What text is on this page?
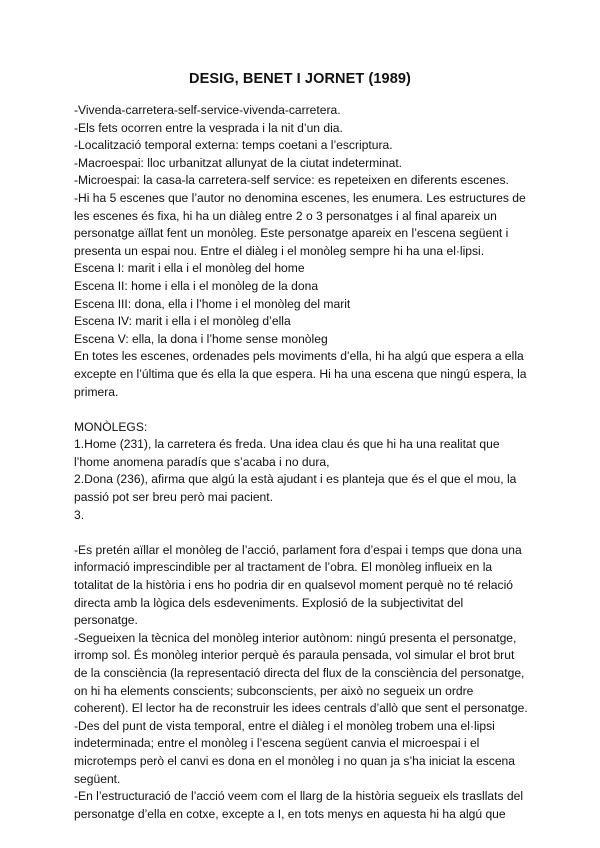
DESIG, BENET I JORNET (1989)

-Vivenda-carretera-self-service-vivenda-carretera.

-Els fets ocorren entre la vesprada i la nit d’un dia.

-Localització temporal externa: temps coetani a l’escriptura.

-Macroespai: lloc urbanitzat allunyat de la ciutat indeterminat.

-Microespai: la casa-la carretera-self service: es repeteixen en diferents escenes.

-Hi ha 5 escenes que l’autor no denomina escenes, les enumera. Les estructures de

les escenes és fixa, hi ha un diàleg entre 2 o 3 personatges i al final apareix un

personatge aïllat fent un monòleg. Este personatge apareix en l’escena següent i

presenta un espai nou. Entre el diàleg i el monòleg sempre hi ha una el·lipsi.

Escena I: marit i ella i el monòleg del home

Escena II: home i ella i el monòleg de la dona

Escena III: dona, ella i l’home i el monòleg del marit

Escena IV: marit i ella i el monòleg d’ella

Escena V: ella, la dona i l’home sense monòleg

En totes les escenes, ordenades pels moviments d’ella, hi ha algú que espera a ella

excepte en l’última que és ella la que espera. Hi ha una escena que ningú espera, la

primera.

MONÒLEGS:

1.Home (231), la carretera és freda. Una idea clau és que hi ha una realitat que

l’home anomena paradís que s’acaba i no dura,

2.Dona (236), afirma que algú la està ajudant i es planteja que és el que el mou, la

passió pot ser breu però mai pacient.

3.

-Es pretén aïllar el monòleg de l’acció, parlament fora d’espai i temps que dona una

informació imprescindible per al tractament de l’obra. El monòleg influeix en la

totalitat de la història i ens ho podria dir en qualsevol moment perquè no té relació

directa amb la lògica dels esdeveniments. Explosió de la subjectivitat del

personatge.

-Segueixen la tècnica del monòleg interior autònom: ningú presenta el personatge,

irromp sol. És monòleg interior perquè és paraula pensada, vol simular el brot brut

de la consciència (la representació directa del flux de la consciència del personatge,

on hi ha elements conscients; subconscients, per això no segueix un ordre

coherent). El lector ha de reconstruir les idees centrals d’allò que sent el personatge.

-Des del punt de vista temporal, entre el diàleg i el monòleg trobem una el·lipsi

indeterminada; entre el monòleg i l’escena següent canvia el microespai i el

microtemps però el canvi es dona en el monòleg i no quan ja s’ha iniciat la escena

següent.

-En l’estructuració de l’acció veem com el llarg de la història segueix els trasllats del

personatge d’ella en cotxe, excepte a I, en tots menys en aquesta hi ha algú que
